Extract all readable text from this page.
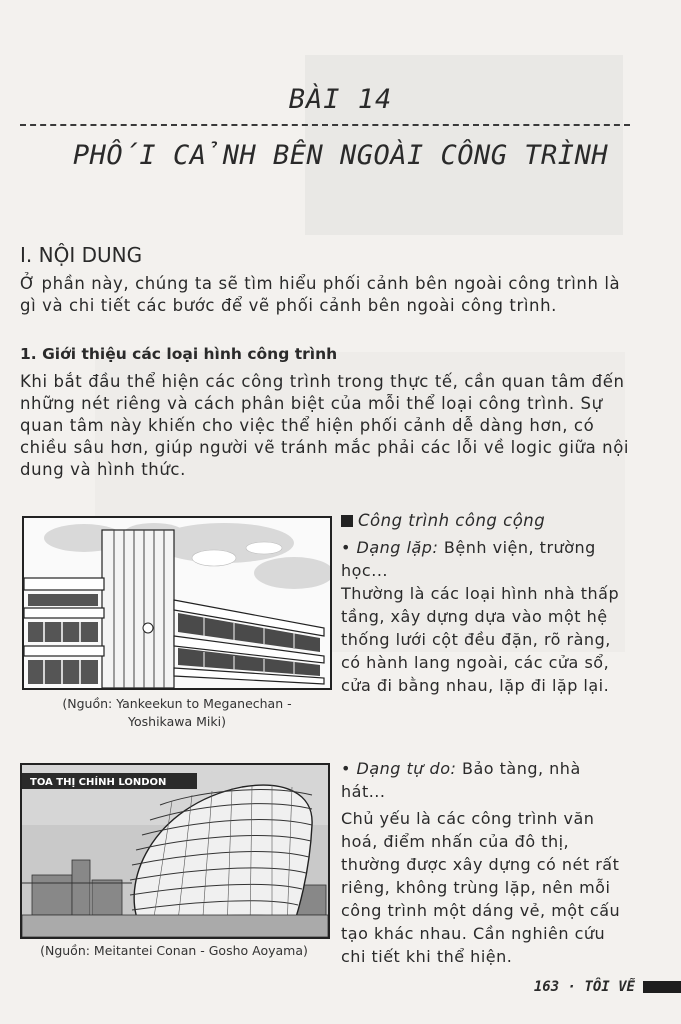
BÀI 14
PHỐI CẢNH BÊN NGOÀI CÔNG TRÌNH
I. NỘI DUNG
Ở phần này, chúng ta sẽ tìm hiểu phối cảnh bên ngoài công trình là gì và chi tiết các bước để vẽ phối cảnh bên ngoài công trình.
1. Giới thiệu các loại hình công trình
Khi bắt đầu thể hiện các công trình trong thực tế, cần quan tâm đến những nét riêng và cách phân biệt của mỗi thể loại công trình. Sự quan tâm này khiến cho việc thể hiện phối cảnh dễ dàng hơn, có chiều sâu hơn, giúp người vẽ tránh mắc phải các lỗi về logic giữa nội dung và hình thức.
(Nguồn: Yankeekun to Meganechan -
Yoshikawa Miki)
TOA THỊ CHÍNH LONDON
(Nguồn: Meitantei Conan - Gosho Aoyama)
Công trình công cộng
• Dạng lặp: Bệnh viện, trường học...
Thường là các loại hình nhà thấp tầng, xây dựng dựa vào một hệ thống lưới cột đều đặn, rõ ràng, có hành lang ngoài, các cửa sổ, cửa đi bằng nhau, lặp đi lặp lại.
• Dạng tự do: Bảo tàng, nhà hát...
Chủ yếu là các công trình văn hoá, điểm nhấn của đô thị, thường được xây dựng có nét rất riêng, không trùng lặp, nên mỗi công trình một dáng vẻ, một cấu tạo khác nhau. Cần nghiên cứu chi tiết khi thể hiện.
163 · TÔI VẼ
